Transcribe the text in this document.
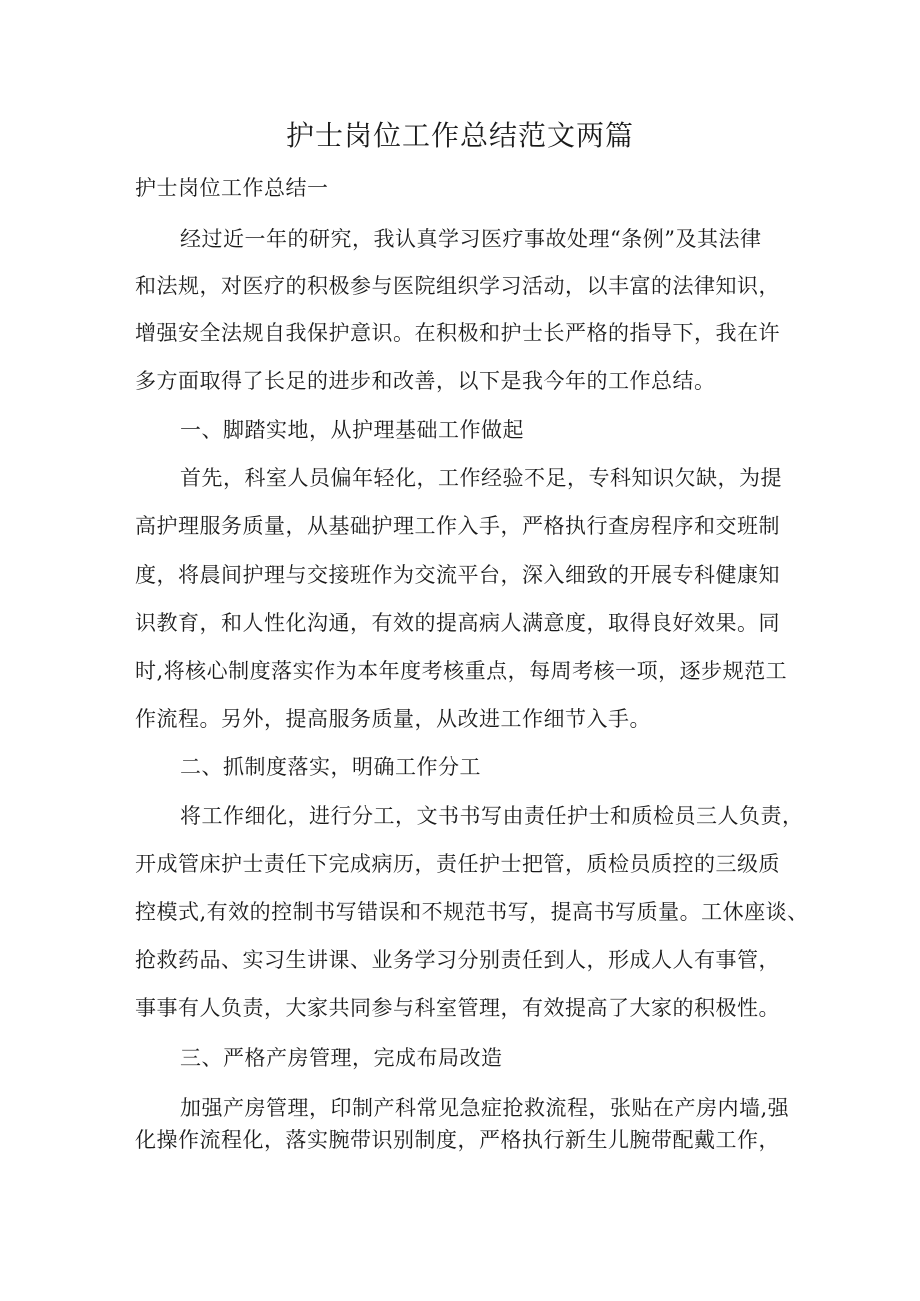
护士岗位工作总结范文两篇

护士岗位工作总结一

经过近一年的研究，我认真学习医疗事故处理“条例”及其法律

和法规，对医疗的积极参与医院组织学习活动，以丰富的法律知识，

增强安全法规自我保护意识。在积极和护士长严格的指导下，我在许

多方面取得了长足的进步和改善，以下是我今年的工作总结。

一、脚踏实地，从护理基础工作做起

首先，科室人员偏年轻化，工作经验不足，专科知识欠缺，为提

高护理服务质量，从基础护理工作入手，严格执行查房程序和交班制

度，将晨间护理与交接班作为交流平台，深入细致的开展专科健康知

识教育，和人性化沟通，有效的提高病人满意度，取得良好效果。同

时,将核心制度落实作为本年度考核重点，每周考核一项，逐步规范工

作流程。另外，提高服务质量，从改进工作细节入手。

二、抓制度落实，明确工作分工

将工作细化，进行分工，文书书写由责任护士和质检员三人负责，

开成管床护士责任下完成病历，责任护士把管，质检员质控的三级质

控模式,有效的控制书写错误和不规范书写，提高书写质量。工休座谈、

抢救药品、实习生讲课、业务学习分别责任到人，形成人人有事管，

事事有人负责，大家共同参与科室管理，有效提高了大家的积极性。

三、严格产房管理，完成布局改造

加强产房管理，印制产科常见急症抢救流程，张贴在产房内墙,强

化操作流程化，落实腕带识别制度，严格执行新生儿腕带配戴工作，
